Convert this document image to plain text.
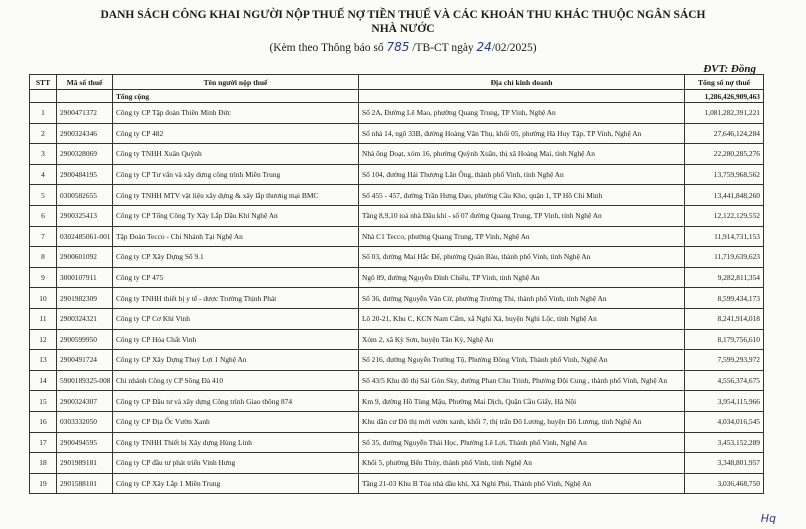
DANH SÁCH CÔNG KHAI NGƯỜI NỘP THUẾ NỢ TIỀN THUẾ VÀ CÁC KHOẢN THU KHÁC THUỘC NGÂN SÁCH
NHÀ NƯỚC
(Kèm theo Thông báo số 785 /TB-CT ngày 24/02/2025)
ĐVT: Đồng
STT	Mã số thuế	Tên người nộp thuế	Địa chỉ kinh doanh	Tổng số nợ thuế
		Tổng cộng		1,286,426,909,463
1	2900471372	Công ty CP Tập đoàn Thiên Minh Đức	Số 2A, Đường Lê Mao, phường Quang Trung, TP Vinh, Nghệ An	1,081,282,391,221
2	2900324346	Công ty CP 482	Số nhà 14, ngõ 33B, đường Hoàng Văn Thụ, khối 05, phường Hà Huy Tập, TP Vinh, Nghệ An	27,646,124,284
3	2900328069	Công ty TNHH Xuân Quỳnh	Nhà ông Doạt, xóm 16, phường Quỳnh Xuân, thị xã Hoàng Mai, tỉnh Nghệ An	22,280,285,276
4	2900484195	Công ty CP Tư vấn và xây dựng công trình Miền Trung	Số 104, đường Hải Thượng Lãn Ông, thành phố Vinh, tỉnh Nghệ An	13,759,968,562
5	0300582655	Công ty TNHH MTV vật liệu xây dựng & xây lắp thương mại BMC	Số 455 - 457, đường Trần Hưng Đạo, phường Cầu Kho, quận 1, TP Hồ Chí Minh	13,441,848,260
6	2900325413	Công ty CP Tổng Công Ty Xây Lắp Dầu Khí Nghệ An	Tầng 8,9,10 toà nhà Dầu khí - số 07 đường Quang Trung, TP Vinh, tỉnh Nghệ An	12,122,129,552
7	0302485061-001	Tập Đoàn Tecco - Chi Nhánh Tại Nghệ An	Nhà C1 Tecco, phường Quang Trung, TP Vinh, Nghệ An	11,914,731,153
8	2900601092	Công ty CP Xây Dựng Số 9.1	Số 03, đường Mai Hắc Đế, phường Quán Bàu, thành phố Vinh, tỉnh Nghệ An	11,719,639,623
9	3000107911	Công ty CP 475	Ngõ 89, đường Nguyễn Đình Chiểu, TP Vinh, tỉnh Nghệ An	9,282,811,354
10	2901982309	Công ty TNHH thiết bị y tế - dược Trường Thịnh Phát	Số 36, đường Nguyễn Văn Cừ, phường Trường Thi, thành phố Vinh, tỉnh Nghệ An	8,599,434,173
11	2900324321	Công ty CP Cơ Khí Vinh	Lô 20-21, Khu C, KCN Nam Cấm, xã Nghi Xá, huyện Nghi Lộc, tỉnh Nghệ An	8,241,914,018
12	2900599950	Công ty CP Hóa Chất Vinh	Xóm 2, xã Kỳ Sơn, huyện Tân Kỳ, Nghệ An	8,179,756,610
13	2900491724	Công ty CP Xây Dựng Thuỷ Lợi 1 Nghệ An	Số 216, đường Nguyễn Trường Tộ, Phường Đông Vĩnh, Thành phố Vinh, Nghệ An	7,599,293,972
14	5900189325-008	Chi nhánh Công ty CP Sông Đà 410	Số 43/5 Khu đô thị Sài Gòn Sky, đường Phan Chu Trinh, Phường Đội Cung , thành phố Vinh, Nghệ An	4,556,374,675
15	2900324307	Công ty CP Đầu tư và xây dựng Công trình Giao thông 874	Km 9, đường Hồ Tùng Mậu, Phường Mai Dịch, Quận Cầu Giấy, Hà Nội	3,954,115,966
16	0303332050	Công ty CP Địa Ốc Vườn Xanh	Khu dân cư Đô thị mới vườn xanh, khối 7, thị trấn Đô Lương, huyện Đô Lương, tỉnh Nghệ An	4,034,016,545
17	2900494595	Công ty TNHH Thiết bị Xây dựng Hùng Linh	Số 35, đường Nguyễn Thái Học, Phường Lê Lợi, Thành phố Vinh, Nghệ An	3,453,152,289
18	2901989181	Công ty CP đầu tư phát triển Vinh Hưng	Khối 5, phường Bến Thủy, thành phố Vinh, tỉnh Nghệ An	3,348,801,957
19	2901588101	Công ty CP Xây Lắp 1 Miền Trung	Tầng 21-03 Khu B Tòa nhà dầu khí, Xã Nghi Phú, Thành phố Vinh, Nghệ An	3,036,468,750
Hq
